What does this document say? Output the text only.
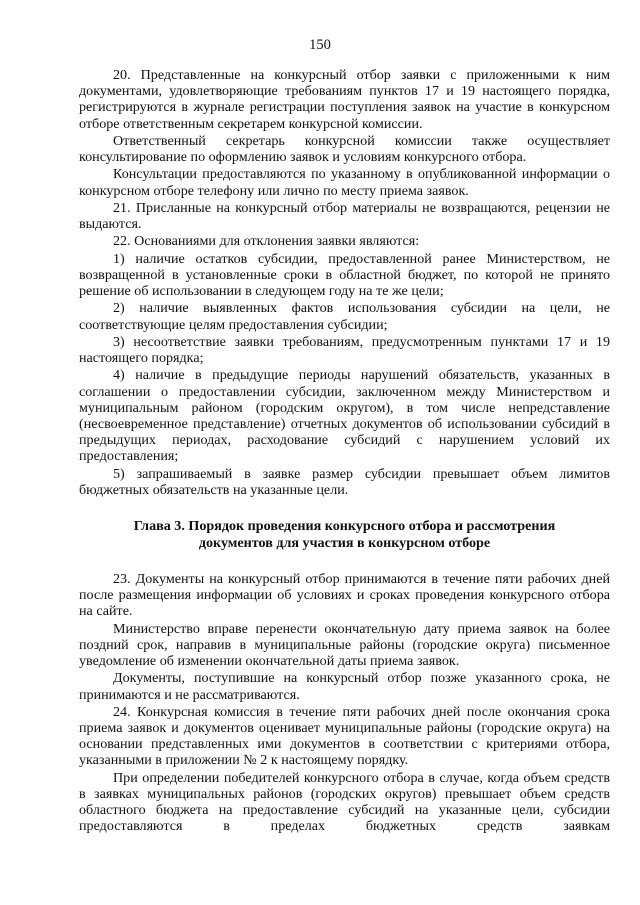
150

20. Представленные на конкурсный отбор заявки с приложенными к ним документами, удовлетворяющие требованиям пунктов 17 и 19 настоящего порядка, регистрируются в журнале регистрации поступления заявок на участие в конкурсном отборе ответственным секретарем конкурсной комиссии.

Ответственный секретарь конкурсной комиссии также осуществляет консультирование по оформлению заявок и условиям конкурсного отбора.

Консультации предоставляются по указанному в опубликованной информации о конкурсном отборе телефону или лично по месту приема заявок.

21. Присланные на конкурсный отбор материалы не возвращаются, рецензии не выдаются.

22. Основаниями для отклонения заявки являются:

1) наличие остатков субсидии, предоставленной ранее Министерством, не возвращенной в установленные сроки в областной бюджет, по которой не принято решение об использовании в следующем году на те же цели;

2) наличие выявленных фактов использования субсидии на цели, не соответствующие целям предоставления субсидии;

3) несоответствие заявки требованиям, предусмотренным пунктами 17 и 19 настоящего порядка;

4) наличие в предыдущие периоды нарушений обязательств, указанных в соглашении о предоставлении субсидии, заключенном между Министерством и муниципальным районом (городским округом), в том числе непредставление (несвоевременное представление) отчетных документов об использовании субсидий в предыдущих периодах, расходование субсидий с нарушением условий их предоставления;

5) запрашиваемый в заявке размер субсидии превышает объем лимитов бюджетных обязательств на указанные цели.

Глава 3. Порядок проведения конкурсного отбора и рассмотрения
документов для участия в конкурсном отборе

23. Документы на конкурсный отбор принимаются в течение пяти рабочих дней после размещения информации об условиях и сроках проведения конкурсного отбора на сайте.

Министерство вправе перенести окончательную дату приема заявок на более поздний срок, направив в муниципальные районы (городские округа) письменное уведомление об изменении окончательной даты приема заявок.

Документы, поступившие на конкурсный отбор позже указанного срока, не принимаются и не рассматриваются.

24. Конкурсная комиссия в течение пяти рабочих дней после окончания срока приема заявок и документов оценивает муниципальные районы (городские округа) на основании представленных ими документов в соответствии с критериями отбора, указанными в приложении № 2 к настоящему порядку.

При определении победителей конкурсного отбора в случае, когда объем средств в заявках муниципальных районов (городских округов) превышает объем средств областного бюджета на предоставление субсидий на указанные цели, субсидии предоставляются в пределах бюджетных средств заявкам
